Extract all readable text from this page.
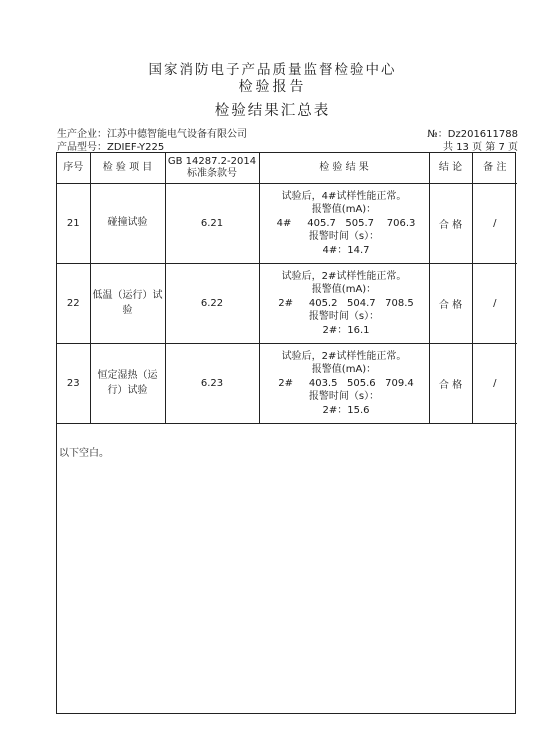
国家消防电子产品质量监督检验中心
检验报告
检验结果汇总表
生产企业：江苏中德智能电气设备有限公司
产品型号：ZDIEF-Y225
№：Dz201611788
共 13 页 第 7 页
序号	检 验 项 目	GB 14287.2-2014
标准条款号	检 验 结 果	结 论	备 注
21	碰撞试验	6.21	试验后，4#试样性能正常。
报警值(mA)：
4#     405.7   505.7    706.3
报警时间（s）：
4#：14.7	合 格	/
22	低温（运行）试验	6.22	试验后，2#试样性能正常。
报警值(mA)：
2#     405.2   504.7   708.5
报警时间（s）：
2#：16.1	合 格	/
23	恒定湿热（运行）试验	6.23	试验后，2#试样性能正常。
报警值(mA)：
2#     403.5   505.6   709.4
报警时间（s）：
2#：15.6	合 格	/
以下空白。
